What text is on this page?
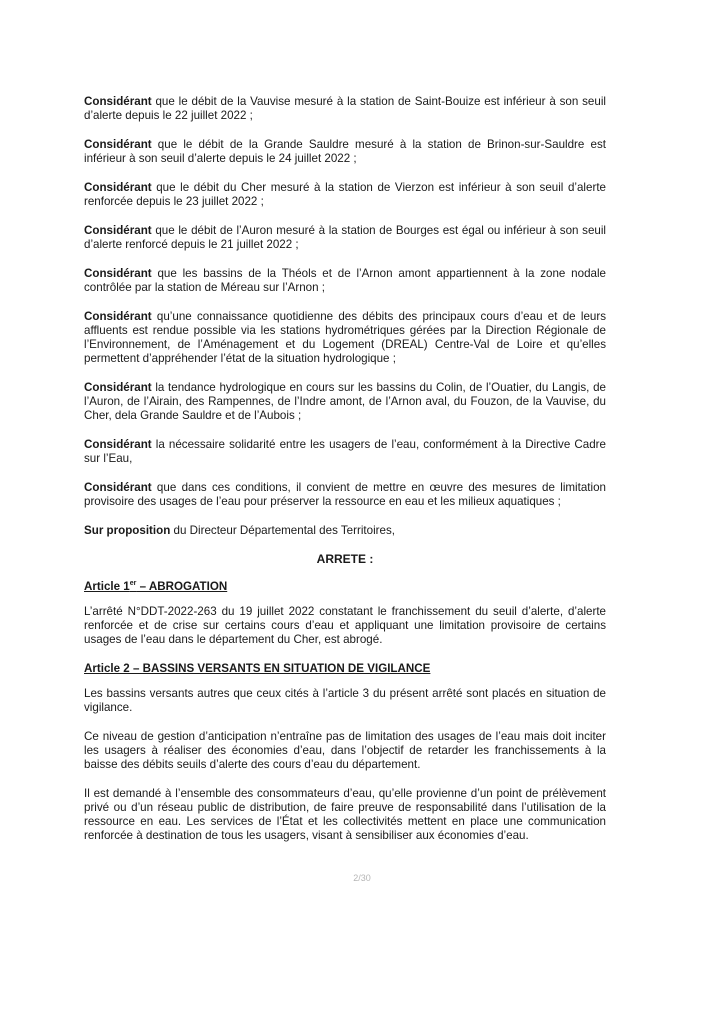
Considérant que le débit de la Vauvise mesuré à la station de Saint-Bouize est inférieur à son seuil d’alerte depuis le 22 juillet 2022 ;

Considérant que le débit de la Grande Sauldre mesuré à la station de Brinon-sur-Sauldre est inférieur à son seuil d’alerte depuis le 24 juillet 2022 ;

Considérant que le débit du Cher mesuré à la station de Vierzon est inférieur à son seuil d’alerte renforcée depuis le 23 juillet 2022 ;

Considérant que le débit de l’Auron mesuré à la station de Bourges est égal ou inférieur à son seuil d’alerte renforcé depuis le 21 juillet 2022 ;

Considérant que les bassins de la Théols et de l’Arnon amont appartiennent à la zone nodale contrôlée par la station de Méreau sur l’Arnon ;

Considérant qu’une connaissance quotidienne des débits des principaux cours d’eau et de leurs affluents est rendue possible via les stations hydrométriques gérées par la Direction Régionale de l’Environnement, de l’Aménagement et du Logement (DREAL) Centre-Val de Loire et qu’elles permettent d’appréhender l’état de la situation hydrologique ;

Considérant la tendance hydrologique en cours sur les bassins du Colin, de l’Ouatier, du Langis, de l’Auron, de l’Airain, des Rampennes, de l’Indre amont, de l’Arnon aval, du Fouzon, de la Vauvise, du Cher, dela Grande Sauldre et de l’Aubois ;

Considérant la nécessaire solidarité entre les usagers de l’eau, conformément à la Directive Cadre sur l’Eau,

Considérant que dans ces conditions, il convient de mettre en œuvre des mesures de limitation provisoire des usages de l’eau pour préserver la ressource en eau et les milieux aquatiques ;

Sur proposition du Directeur Départemental des Territoires,

ARRETE :
Article 1er – ABROGATION

L’arrêté N°DDT-2022-263 du 19 juillet 2022 constatant le franchissement du seuil d’alerte, d’alerte renforcée et de crise sur certains cours d’eau et appliquant une limitation provisoire de certains usages de l’eau dans le département du Cher, est abrogé.

Article 2 – BASSINS VERSANTS EN SITUATION DE VIGILANCE

Les bassins versants autres que ceux cités à l’article 3 du présent arrêté sont placés en situation de vigilance.

Ce niveau de gestion d’anticipation n’entraîne pas de limitation des usages de l’eau mais doit inciter les usagers à réaliser des économies d’eau, dans l’objectif de retarder les franchissements à la baisse des débits seuils d’alerte des cours d’eau du département.

Il est demandé à l’ensemble des consommateurs d’eau, qu’elle provienne d’un point de prélèvement privé ou d’un réseau public de distribution, de faire preuve de responsabilité dans l’utilisation de la ressource en eau. Les services de l’État et les collectivités mettent en place une communication renforcée à destination de tous les usagers, visant à sensibiliser aux économies d’eau.

2/30
